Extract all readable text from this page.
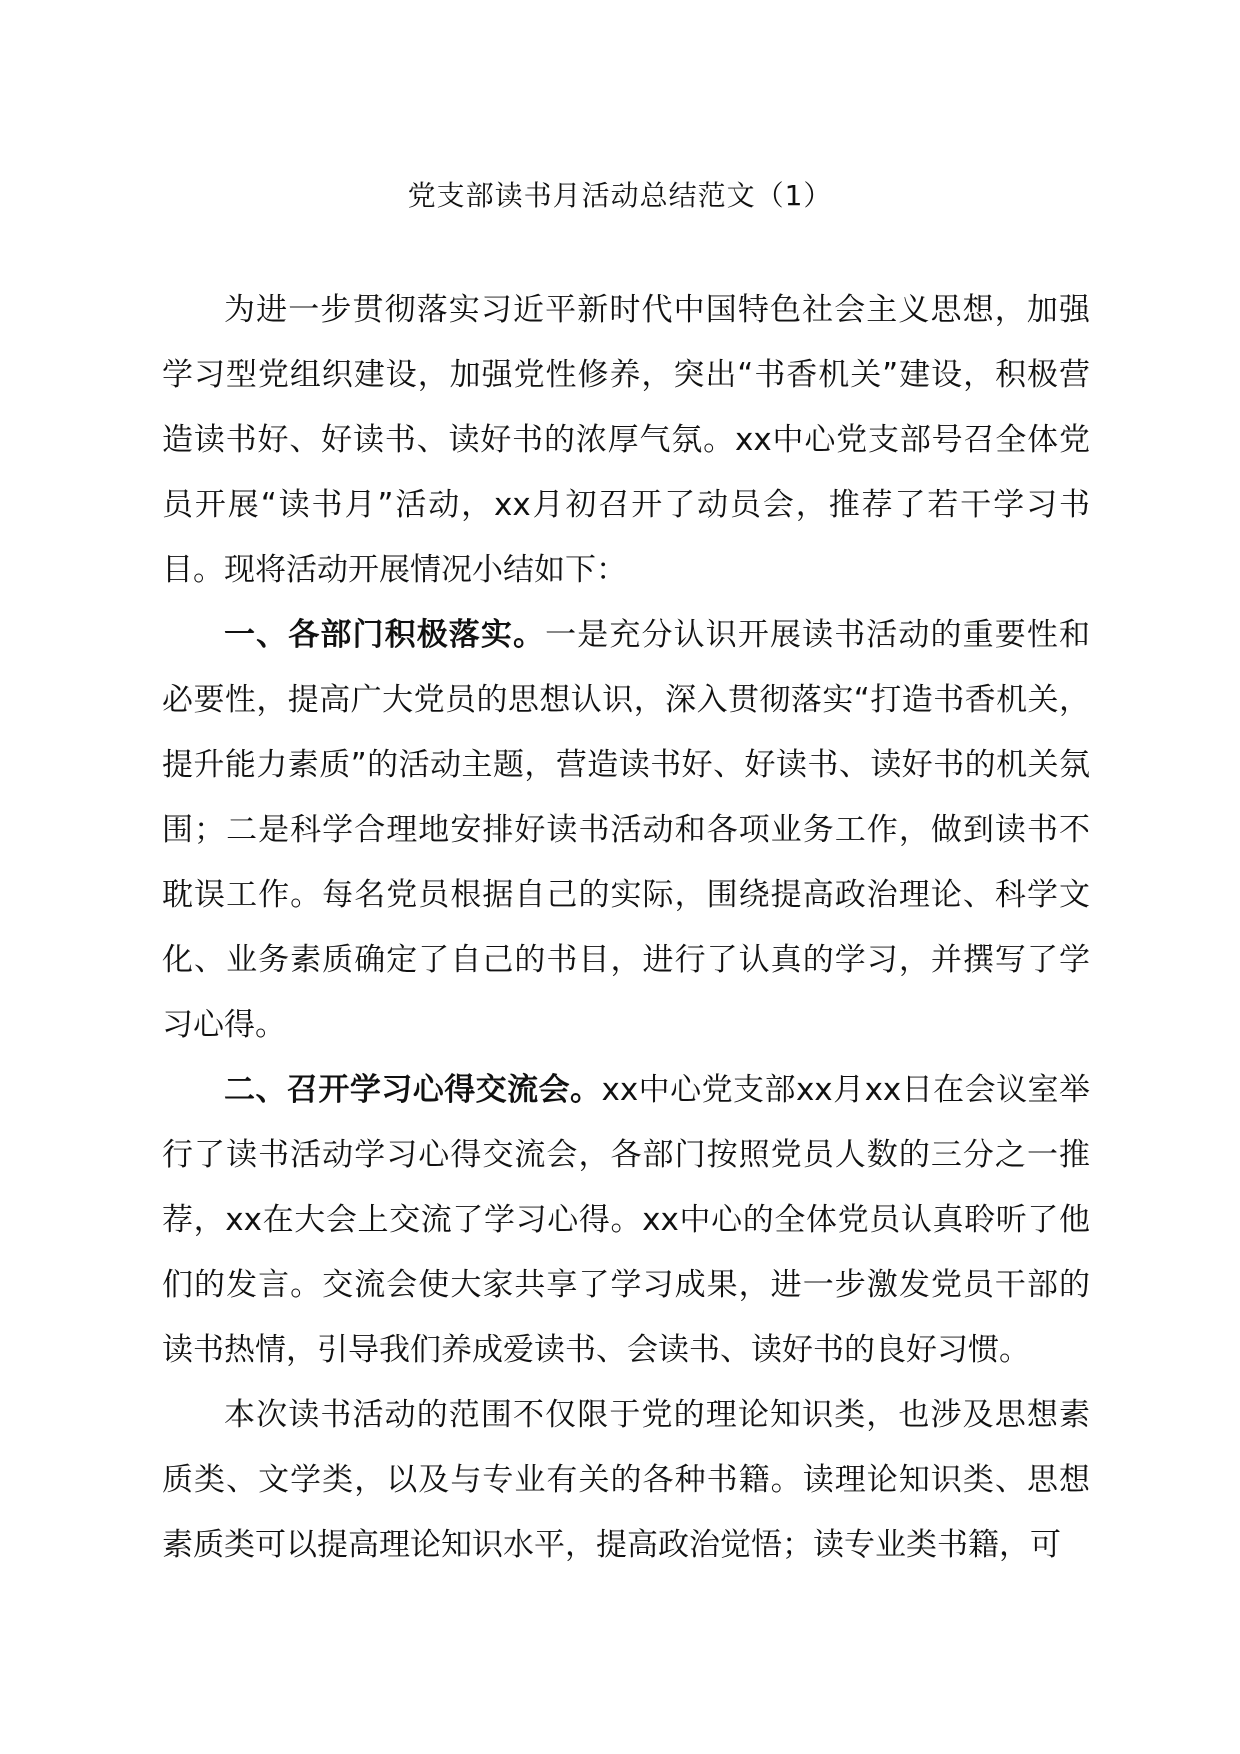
党支部读书月活动总结范文（1）

为进一步贯彻落实习近平新时代中国特色社会主义思想，加强学习型党组织建设，加强党性修养，突出“书香机关”建设，积极营造读书好、好读书、读好书的浓厚气氛。xx中心党支部号召全体党员开展“读书月”活动，xx月初召开了动员会，推荐了若干学习书目。现将活动开展情况小结如下：

一、各部门积极落实。一是充分认识开展读书活动的重要性和必要性，提高广大党员的思想认识，深入贯彻落实“打造书香机关，提升能力素质”的活动主题，营造读书好、好读书、读好书的机关氛围；二是科学合理地安排好读书活动和各项业务工作，做到读书不耽误工作。每名党员根据自己的实际，围绕提高政治理论、科学文化、业务素质确定了自己的书目，进行了认真的学习，并撰写了学习心得。

二、召开学习心得交流会。xx中心党支部xx月xx日在会议室举行了读书活动学习心得交流会，各部门按照党员人数的三分之一推荐，xx在大会上交流了学习心得。xx中心的全体党员认真聆听了他们的发言。交流会使大家共享了学习成果，进一步激发党员干部的读书热情，引导我们养成爱读书、会读书、读好书的良好习惯。

本次读书活动的范围不仅限于党的理论知识类，也涉及思想素质类、文学类，以及与专业有关的各种书籍。读理论知识类、思想素质类可以提高理论知识水平，提高政治觉悟；读专业类书籍，可
